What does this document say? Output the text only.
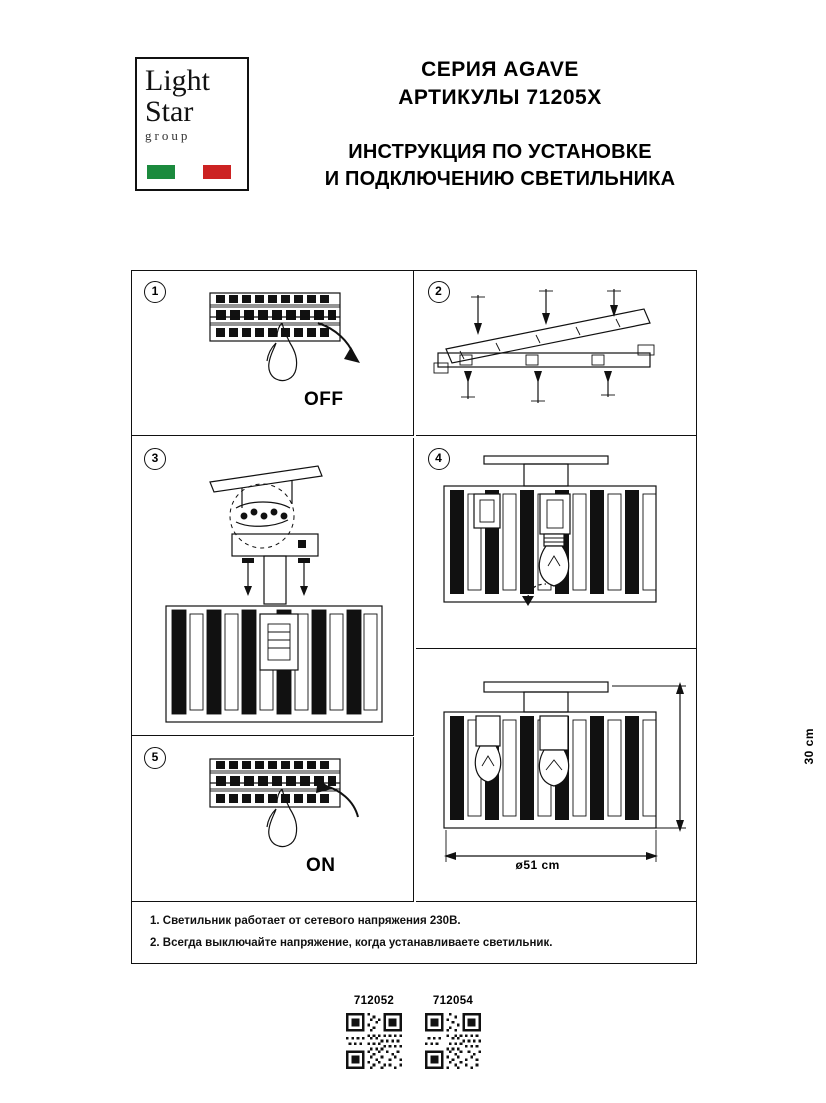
Light
Star
group
СЕРИЯ AGAVE
АРТИКУЛЫ 71205X
ИНСТРУКЦИЯ ПО УСТАНОВКЕ
И ПОДКЛЮЧЕНИЮ СВЕТИЛЬНИКА
1
OFF
2
3	4
5
ON
30 cm
ø51 cm
1. Светильник работает от сетевого напряжения 230В.
2. Всегда выключайте напряжение, когда устанавливаете светильник.
712052	712054
